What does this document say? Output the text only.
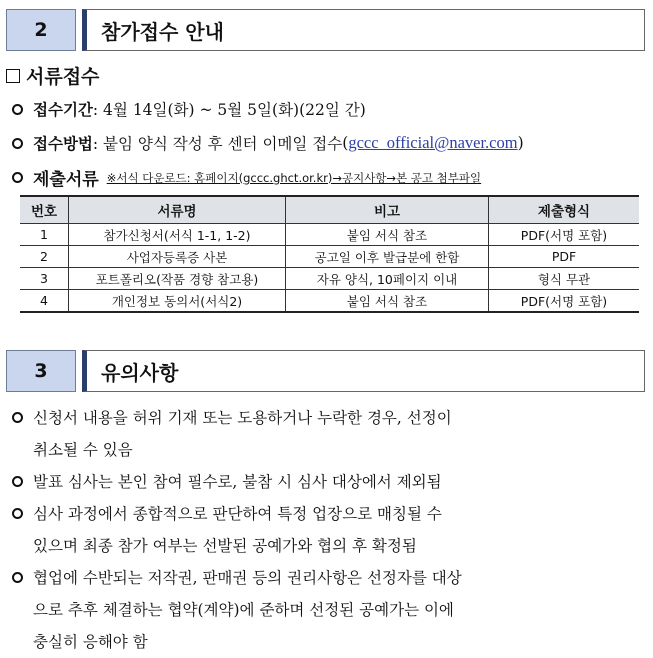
2	참가접수 안내
서류접수
접수기간 : 4월 14일(화) ~ 5월 5일(화)(22일 간)
접수방법 : 붙임 양식 작성 후 센터 이메일 접수 ( gccc_official@naver.com )
제출서류 ※서식 다운로드: 홈페이지(gccc.ghct.or.kr)→공지사항→본 공고 첨부파일
번호	서류명	비고	제출형식
1	참가신청서(서식 1-1, 1-2)	붙임 서식 참조	PDF(서명 포함)
2	사업자등록증 사본	공고일 이후 발급분에 한함	PDF
3	포트폴리오(작품 경향 참고용)	자유 양식, 10페이지 이내	형식 무관
4	개인정보 동의서(서식2)	붙임 서식 참조	PDF(서명 포함)
3	유의사항
신청서 내용을 허위 기재 또는 도용하거나 누락한 경우, 선정이
취소될 수 있음
발표 심사는 본인 참여 필수로, 불참 시 심사 대상에서 제외됨
심사 과정에서 종합적으로 판단하여 특정 업장으로 매칭될 수
있으며 최종 참가 여부는 선발된 공예가와 협의 후 확정됨
협업에 수반되는 저작권, 판매권 등의 권리사항은 선정자를 대상
으로 추후 체결하는 협약(계약)에 준하며 선정된 공예가는 이에
충실히 응해야 함
